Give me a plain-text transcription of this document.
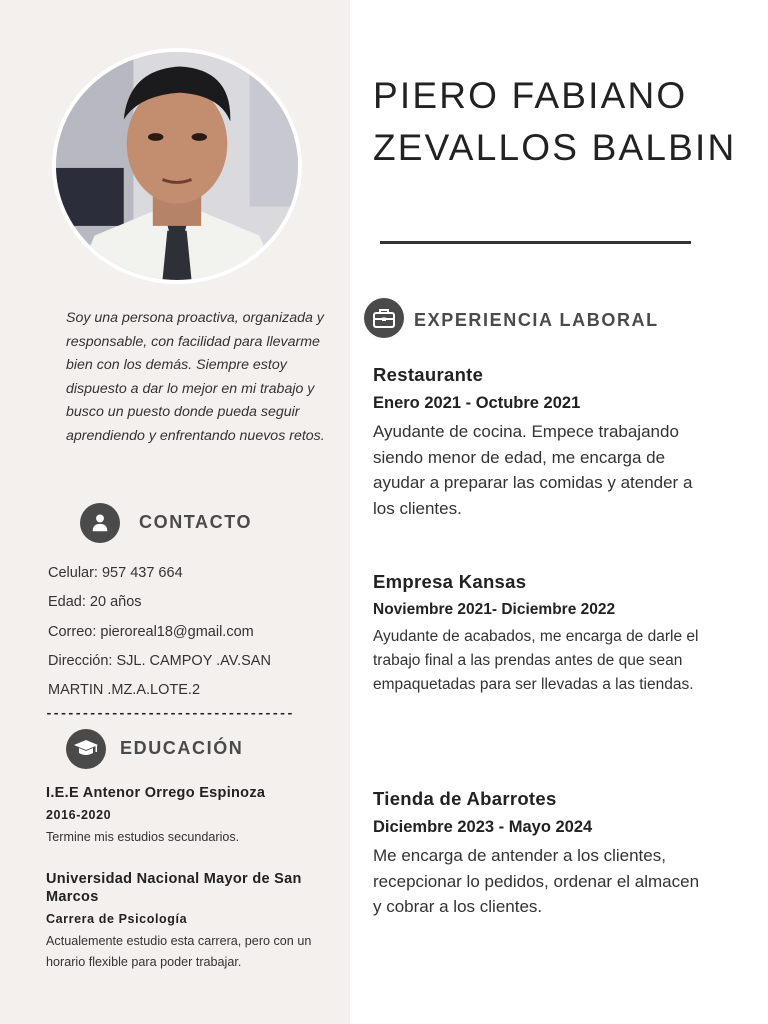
Soy una persona proactiva, organizada y responsable, con facilidad para llevarme bien con los demás. Siempre estoy dispuesto a dar lo mejor en mi trabajo y busco un puesto donde pueda seguir aprendiendo y enfrentando nuevos retos.
CONTACTO
Celular: 957 437 664
Edad: 20 años
Correo: pieroreal18@gmail.com
Dirección: SJL. CAMPOY .AV.SAN MARTIN .MZ.A.LOTE.2
----------------------------------
EDUCACIÓN
I.E.E Antenor Orrego Espinoza
2016-2020
Termine mis estudios secundarios.
Universidad Nacional Mayor de San Marcos
Carrera de Psicología
Actualemente estudio esta carrera, pero con un horario flexible para poder trabajar.
PIERO FABIANO
ZEVALLOS BALBIN
EXPERIENCIA LABORAL
Restaurante
Enero 2021 - Octubre 2021
Ayudante de cocina. Empece trabajando siendo menor de edad, me encarga de ayudar a preparar las comidas y atender a los clientes.
Empresa Kansas
Noviembre 2021- Diciembre 2022
Ayudante de acabados, me encarga de darle el trabajo final a las prendas antes de que sean empaquetadas para ser llevadas a las tiendas.
Tienda de Abarrotes
Diciembre 2023 - Mayo 2024
Me encarga de antender a los clientes, recepcionar lo pedidos, ordenar el almacen y cobrar a los clientes.
